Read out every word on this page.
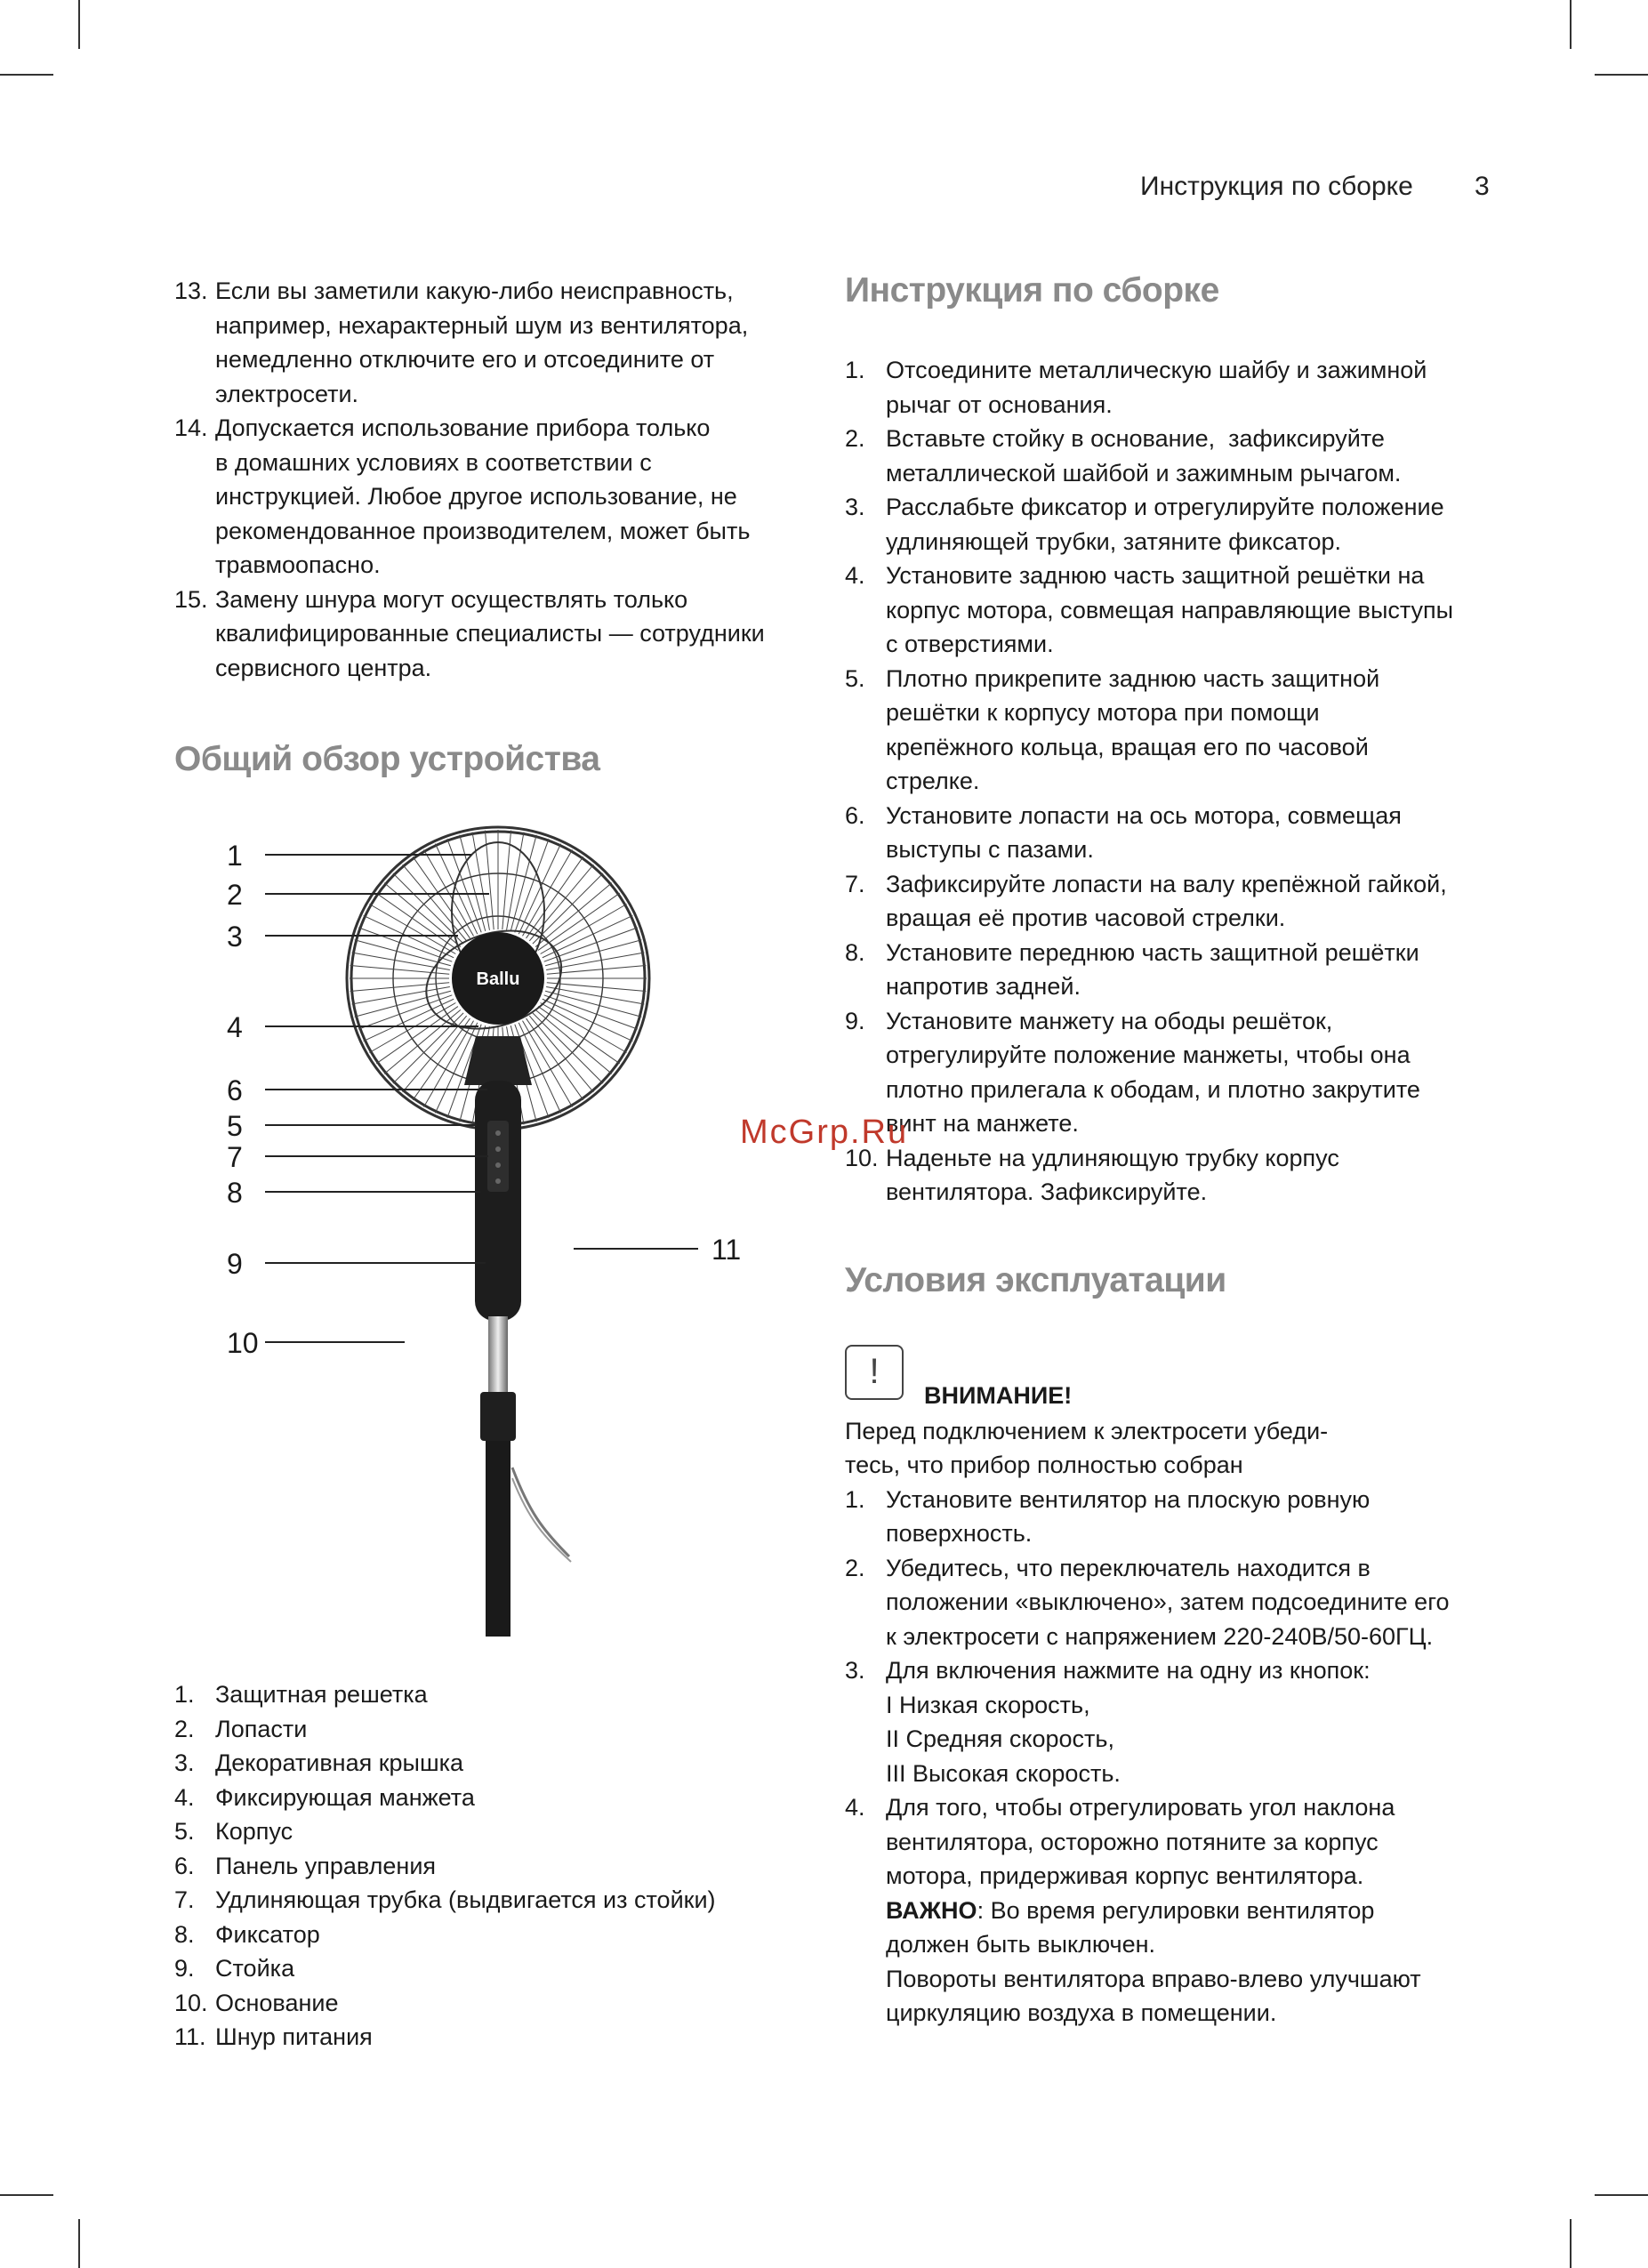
Инструкция по сборке 3
13. Если вы заметили какую-либо неисправность,
например, нехарактерный шум из вентилятора,
немедленно отключите его и отсоедините от
электросети.
14. Допускается использование прибора только
в домашних условиях в соответствии с
инструкцией. Любое другое использование, не
рекомендованное производителем, может быть
травмоопасно.
15. Замену шнура могут осуществлять только
квалифицированные специалисты — сотрудники
сервисного центра.
Общий обзор устройства
Ballu
1
2
3
4
6
5
7
8
9
10
11
1. Защитная решетка
2. Лопасти
3. Декоративная крышка
4. Фиксирующая манжета
5. Корпус
6. Панель управления
7. Удлиняющая трубка (выдвигается из стойки)
8. Фиксатор
9. Стойка
10. Основание
11. Шнур питания
Инструкция по сборке
1. Отсоедините металлическую шайбу и зажимной
рычаг от основания.
2. Вставьте стойку в основание,  зафиксируйте
металлической шайбой и зажимным рычагом.
3. Расслабьте фиксатор и отрегулируйте положение
удлиняющей трубки, затяните фиксатор.
4. Установите заднюю часть защитной решётки на
корпус мотора, совмещая направляющие выступы
с отверстиями.
5. Плотно прикрепите заднюю часть защитной
решётки к корпусу мотора при помощи
крепёжного кольца, вращая его по часовой
стрелке.
6. Установите лопасти на ось мотора, совмещая
выступы с пазами.
7. Зафиксируйте лопасти на валу крепёжной гайкой,
вращая её против часовой стрелки.
8. Установите переднюю часть защитной решётки
напротив задней.
9. Установите манжету на ободы решёток,
отрегулируйте положение манжеты, чтобы она
плотно прилегала к ободам, и плотно закрутите
винт на манжете.
10. Наденьте на удлиняющую трубку корпус
вентилятора. Зафиксируйте.
Условия эксплуатации
!
ВНИМАНИЕ!
Перед подключением к электросети убеди-
тесь, что прибор полностью собран
1. Установите вентилятор на плоскую ровную
поверхность.
2. Убедитесь, что переключатель находится в
положении «выключено», затем подсоедините его
к электросети с напряжением 220-240В/50-60ГЦ.
3. Для включения нажмите на одну из кнопок:
I Низкая скорость,
II Средняя скорость,
III Высокая скорость.
4. Для того, чтобы отрегулировать угол наклона
вентилятора, осторожно потяните за корпус
мотора, придерживая корпус вентилятора.
ВАЖНО: Во время регулировки вентилятор
должен быть выключен.
Повороты вентилятора вправо-влево улучшают
циркуляцию воздуха в помещении.
McGrp.Ru
